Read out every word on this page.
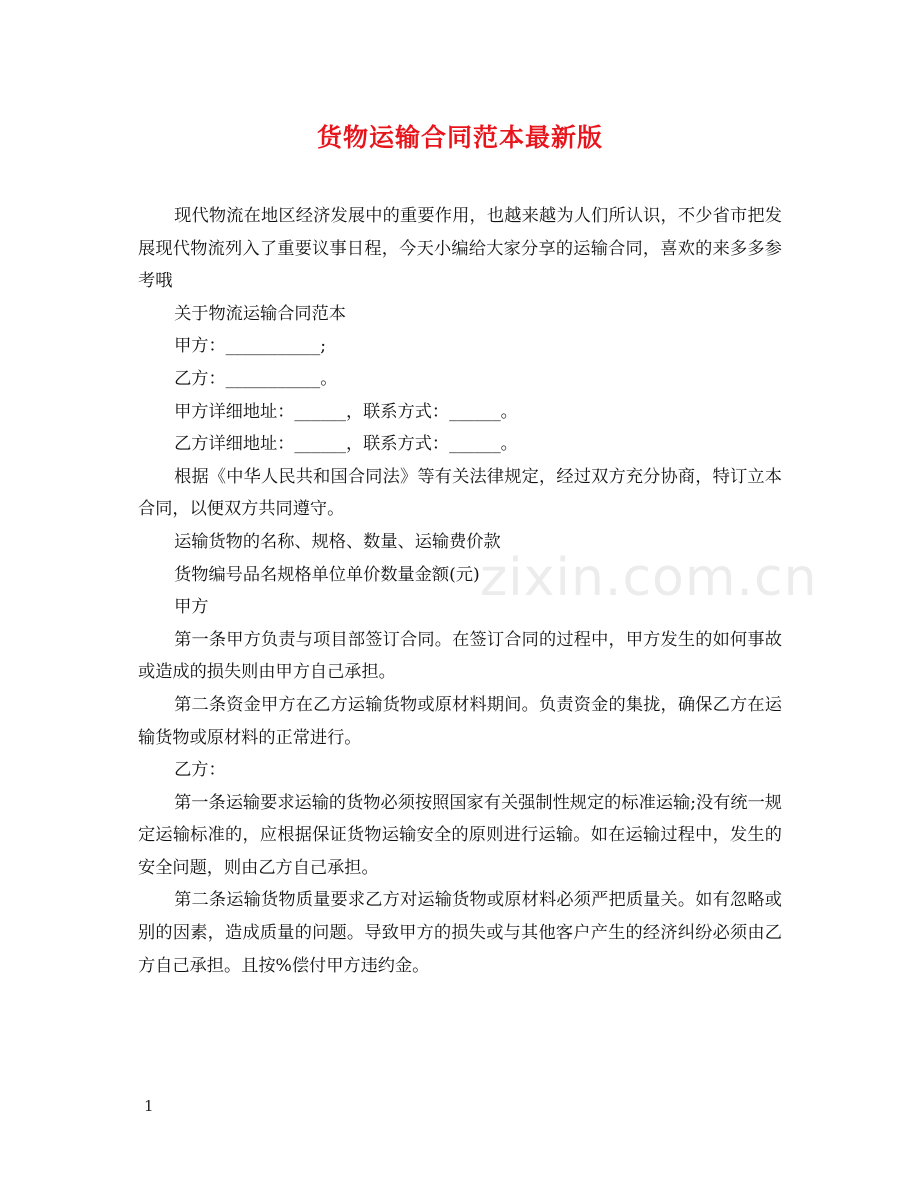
货物运输合同范本最新版

现代物流在地区经济发展中的重要作用，也越来越为人们所认识，不少省市把发展现代物流列入了重要议事日程，今天小编给大家分享的运输合同，喜欢的来多多参考哦

关于物流运输合同范本

甲方：___________;

乙方：___________。

甲方详细地址：______，联系方式：______。

乙方详细地址：______，联系方式：______。

根据《中华人民共和国合同法》等有关法律规定，经过双方充分协商，特订立本合同，以便双方共同遵守。

运输货物的名称、规格、数量、运输费价款

货物编号品名规格单位单价数量金额(元)

甲方

第一条甲方负责与项目部签订合同。在签订合同的过程中，甲方发生的如何事故或造成的损失则由甲方自己承担。

第二条资金甲方在乙方运输货物或原材料期间。负责资金的集拢，确保乙方在运输货物或原材料的正常进行。

乙方：

第一条运输要求运输的货物必须按照国家有关强制性规定的标准运输;没有统一规定运输标准的，应根据保证货物运输安全的原则进行运输。如在运输过程中，发生的安全问题，则由乙方自己承担。

第二条运输货物质量要求乙方对运输货物或原材料必须严把质量关。如有忽略或别的因素，造成质量的问题。导致甲方的损失或与其他客户产生的经济纠纷必须由乙方自己承担。且按%偿付甲方违约金。

zixin.com.cn
1
